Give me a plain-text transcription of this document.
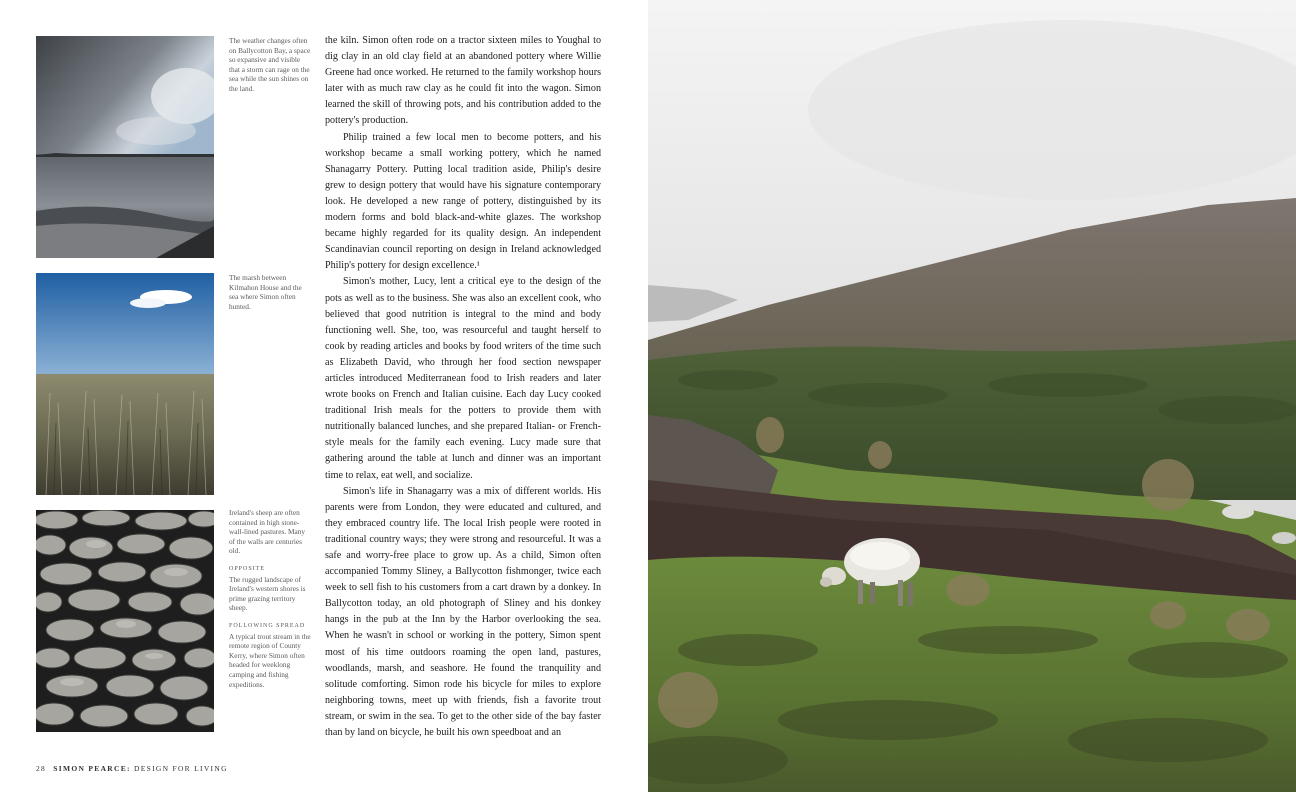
The weather changes often on Ballycotton Bay, a space so expansive and visible that a storm can rage on the sea while the sun shines on the land.

The marsh between Kilmahon House and the sea where Simon often hunted.

Ireland's sheep are often contained in high stone-wall-lined pastures. Many of the walls are centuries old.

OPPOSITE

The rugged landscape of Ireland's western shores is prime grazing territory sheep.

FOLLOWING SPREAD

A typical trout stream in the remote region of County Kerry, where Simon often headed for weeklong camping and fishing expeditions.

the kiln. Simon often rode on a tractor sixteen miles to Youghal to dig clay in an old clay field at an abandoned pottery where Willie Greene had once worked. He returned to the family workshop hours later with as much raw clay as he could fit into the wagon. Simon learned the skill of throwing pots, and his contribution added to the pottery's production.

Philip trained a few local men to become potters, and his workshop became a small working pottery, which he named Shanagarry Pottery. Putting local tradition aside, Philip's desire grew to design pottery that would have his signature contemporary look. He developed a new range of pottery, distinguished by its modern forms and bold black-and-white glazes. The workshop became highly regarded for its quality design. An independent Scandinavian council reporting on design in Ireland acknowledged Philip's pottery for design excellence.¹

Simon's mother, Lucy, lent a critical eye to the design of the pots as well as to the business. She was also an excellent cook, who believed that good nutrition is integral to the mind and body functioning well. She, too, was resourceful and taught herself to cook by reading articles and books by food writers of the time such as Elizabeth David, who through her food section newspaper articles introduced Mediterranean food to Irish readers and later wrote books on French and Italian cuisine. Each day Lucy cooked traditional Irish meals for the potters to provide them with nutritionally balanced lunches, and she prepared Italian- or French-style meals for the family each evening. Lucy made sure that gathering around the table at lunch and dinner was an important time to relax, eat well, and socialize.

Simon's life in Shanagarry was a mix of different worlds. His parents were from London, they were educated and cultured, and they embraced country life. The local Irish people were rooted in traditional country ways; they were strong and resourceful. It was a safe and worry-free place to grow up. As a child, Simon often accompanied Tommy Sliney, a Ballycotton fishmonger, twice each week to sell fish to his customers from a cart drawn by a donkey. In Ballycotton today, an old photograph of Sliney and his donkey hangs in the pub at the Inn by the Harbor overlooking the sea. When he wasn't in school or working in the pottery, Simon spent most of his time outdoors roaming the open land, pastures, woodlands, marsh, and seashore. He found the tranquility and solitude comforting. Simon rode his bicycle for miles to explore neighboring towns, meet up with friends, fish a favorite trout stream, or swim in the sea. To get to the other side of the bay faster than by land on bicycle, he built his own speedboat and an

28 SIMON PEARCE: DESIGN FOR LIVING
